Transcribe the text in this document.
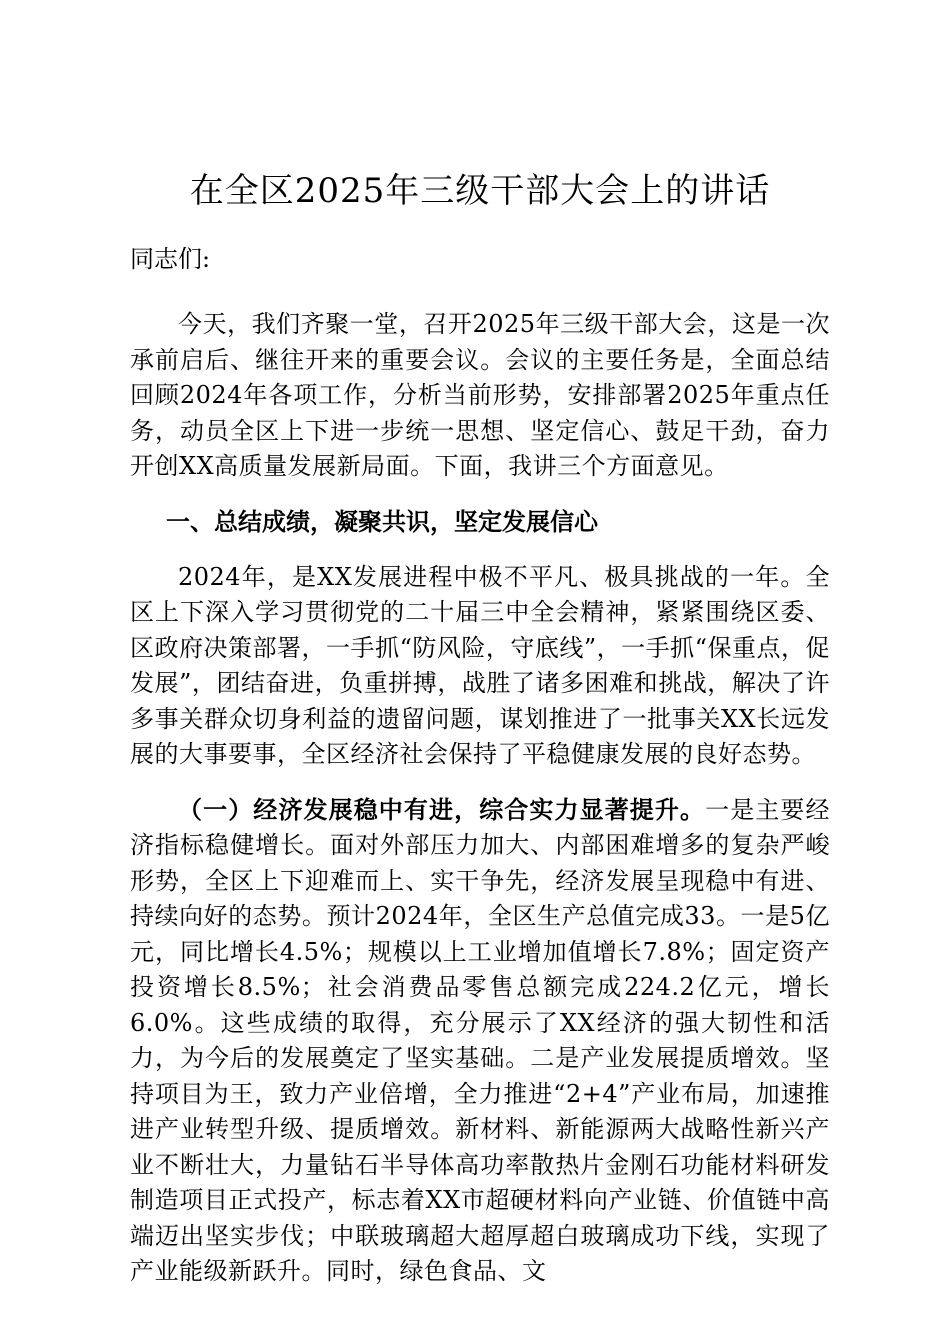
在全区2025年三级干部大会上的讲话

同志们:

今天，我们齐聚一堂，召开2025年三级干部大会，这是一次承前启后、继往开来的重要会议。会议的主要任务是，全面总结回顾2024年各项工作，分析当前形势，安排部署2025年重点任务，动员全区上下进一步统一思想、坚定信心、鼓足干劲，奋力开创XX高质量发展新局面。下面，我讲三个方面意见。

一、总结成绩，凝聚共识，坚定发展信心

2024年，是XX发展进程中极不平凡、极具挑战的一年。全区上下深入学习贯彻党的二十届三中全会精神，紧紧围绕区委、区政府决策部署，一手抓“防风险，守底线”，一手抓“保重点，促发展”，团结奋进，负重拼搏，战胜了诸多困难和挑战，解决了许多事关群众切身利益的遗留问题，谋划推进了一批事关XX长远发展的大事要事，全区经济社会保持了平稳健康发展的良好态势。

（一）经济发展稳中有进，综合实力显著提升。一是主要经济指标稳健增长。面对外部压力加大、内部困难增多的复杂严峻形势，全区上下迎难而上、实干争先，经济发展呈现稳中有进、持续向好的态势。预计2024年，全区生产总值完成33。一是5亿元，同比增长4.5%；规模以上工业增加值增长7.8%；固定资产投资增长8.5%；社会消费品零售总额完成224.2亿元，增长6.0%。这些成绩的取得，充分展示了XX经济的强大韧性和活力，为今后的发展奠定了坚实基础。二是产业发展提质增效。坚持项目为王，致力产业倍增，全力推进“2+4”产业布局，加速推进产业转型升级、提质增效。新材料、新能源两大战略性新兴产业不断壮大，力量钻石半导体高功率散热片金刚石功能材料研发制造项目正式投产，标志着XX市超硬材料向产业链、价值链中高端迈出坚实步伐；中联玻璃超大超厚超白玻璃成功下线，实现了产业能级新跃升。同时，绿色食品、文
